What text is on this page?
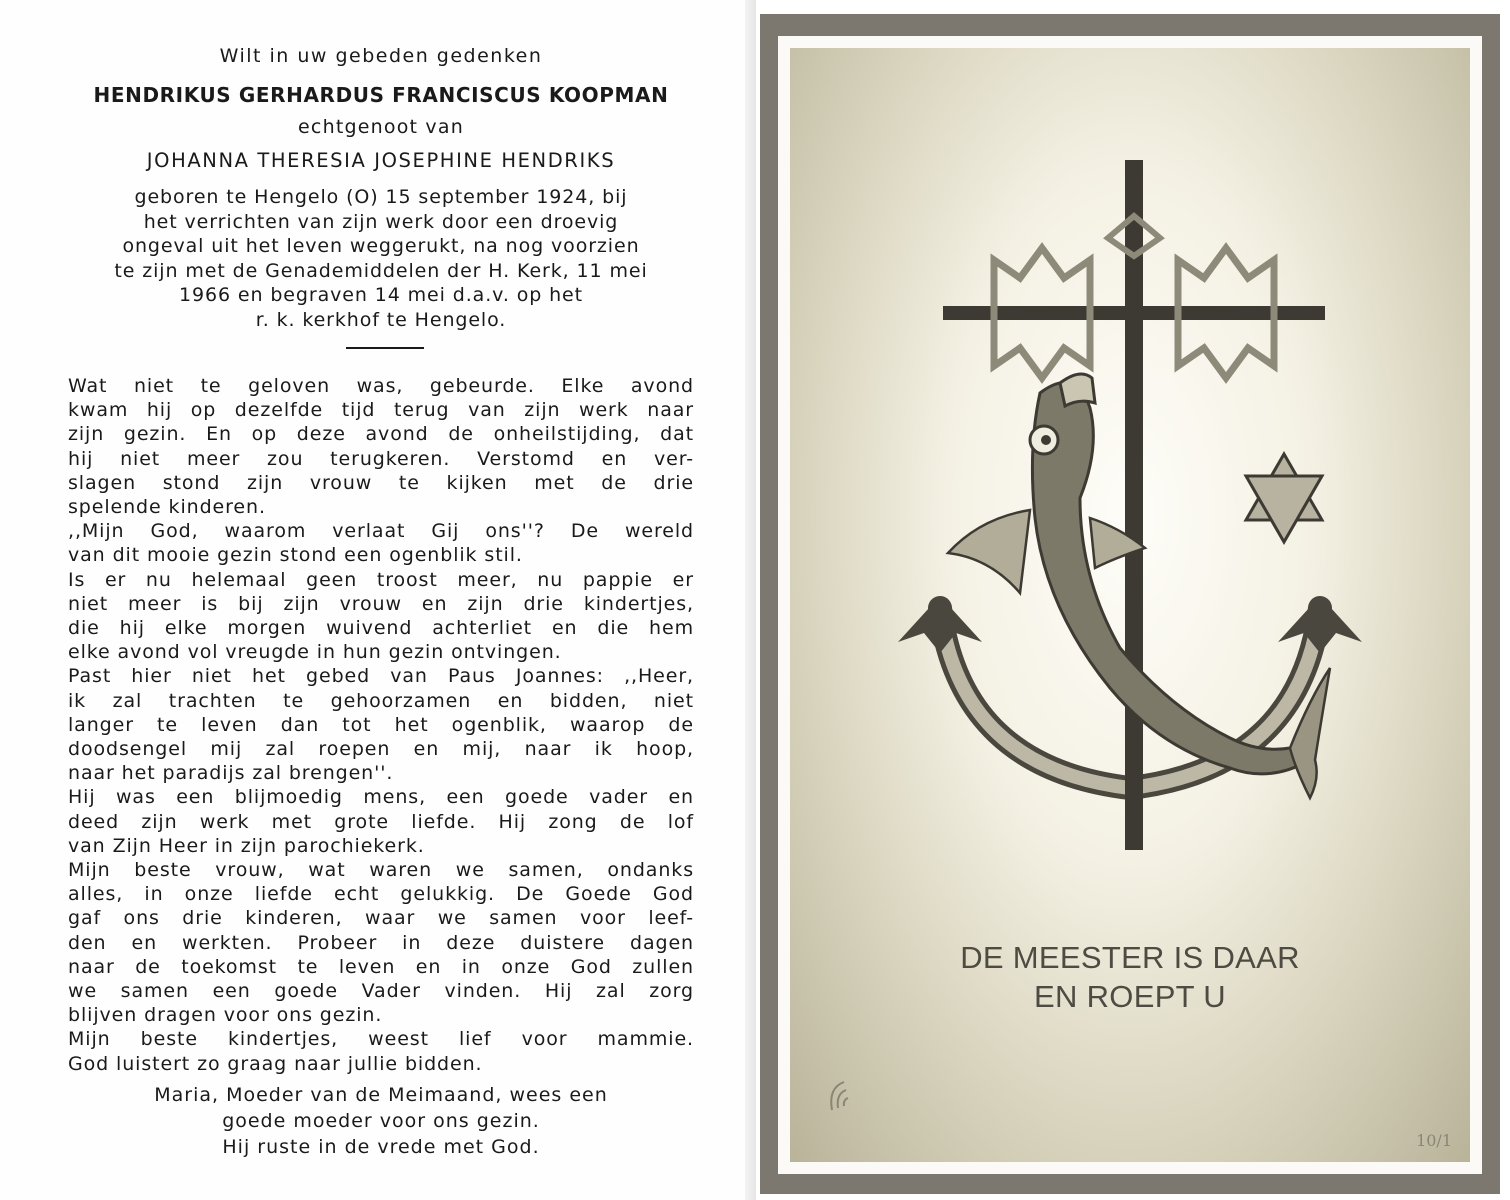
Wilt in uw gebeden gedenken
HENDRIKUS GERHARDUS FRANCISCUS KOOPMAN
echtgenoot van
JOHANNA THERESIA JOSEPHINE HENDRIKS
geboren te Hengelo (O) 15 september 1924, bij
het verrichten van zijn werk door een droevig
ongeval uit het leven weggerukt, na nog voorzien
te zijn met de Genademiddelen der H. Kerk, 11 mei
1966 en begraven 14 mei d.a.v. op het
r. k. kerkhof te Hengelo.
Wat niet te geloven was, gebeurde. Elke avond
kwam hij op dezelfde tijd terug van zijn werk naar
zijn gezin. En op deze avond de onheilstijding, dat
hij niet meer zou terugkeren. Verstomd en ver-
slagen stond zijn vrouw te kijken met de drie
spelende kinderen.
,,Mijn God, waarom verlaat Gij ons''? De wereld
van dit mooie gezin stond een ogenblik stil.
Is er nu helemaal geen troost meer, nu pappie er
niet meer is bij zijn vrouw en zijn drie kindertjes,
die hij elke morgen wuivend achterliet en die hem
elke avond vol vreugde in hun gezin ontvingen.
Past hier niet het gebed van Paus Joannes: ,,Heer,
ik zal trachten te gehoorzamen en bidden, niet
langer te leven dan tot het ogenblik, waarop de
doodsengel mij zal roepen en mij, naar ik hoop,
naar het paradijs zal brengen''.
Hij was een blijmoedig mens, een goede vader en
deed zijn werk met grote liefde. Hij zong de lof
van Zijn Heer in zijn parochiekerk.
Mijn beste vrouw, wat waren we samen, ondanks
alles, in onze liefde echt gelukkig. De Goede God
gaf ons drie kinderen, waar we samen voor leef-
den en werkten. Probeer in deze duistere dagen
naar de toekomst te leven en in onze God zullen
we samen een goede Vader vinden. Hij zal zorg
blijven dragen voor ons gezin.
Mijn beste kindertjes, weest lief voor mammie.
God luistert zo graag naar jullie bidden.
Maria, Moeder van de Meimaand, wees een
goede moeder voor ons gezin.
Hij ruste in de vrede met God.
DE MEESTER IS DAAR
EN ROEPT U
10/1
